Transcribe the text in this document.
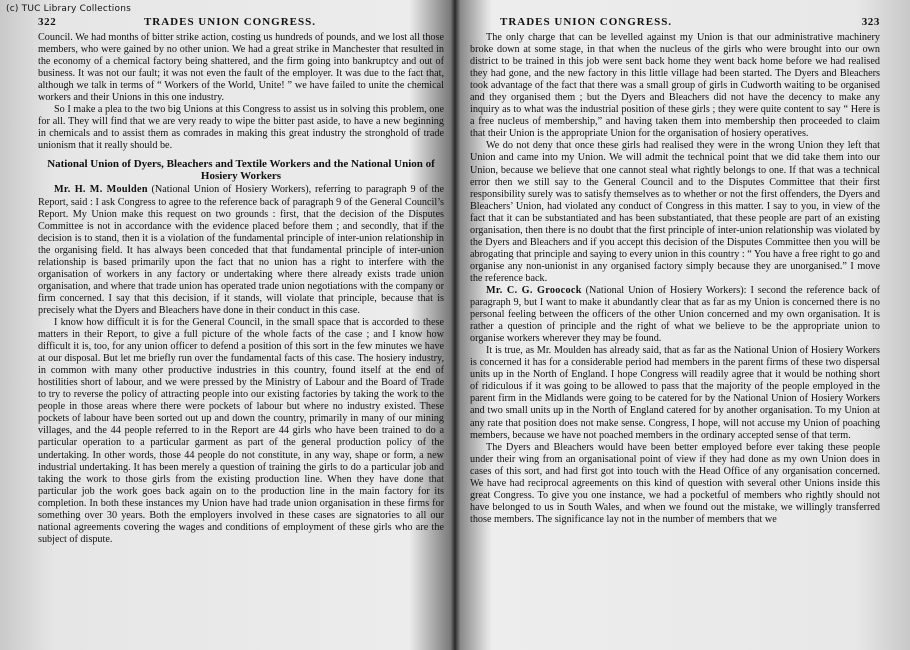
(c) TUC Library Collections
322	TRADES UNION CONGRESS.

Council. We had months of bitter strike action, costing us hundreds of pounds, and we lost all those members, who were gained by no other union. We had a great strike in Manchester that resulted in the economy of a chemical factory being shattered, and the firm going into bankruptcy and out of business. It was not our fault; it was not even the fault of the employer. It was due to the fact that, although we talk in terms of “ Workers of the World, Unite! ” we have failed to unite the chemical workers and their Unions in this one industry.

So I make a plea to the two big Unions at this Congress to assist us in solving this problem, one for all. They will find that we are very ready to wipe the bitter past aside, to have a new beginning in chemicals and to assist them as comrades in making this great industry the stronghold of trade unionism that it really should be.

National Union of Dyers, Bleachers and Textile Workers and the National Union of Hosiery Workers

Mr. H. M. Moulden (National Union of Hosiery Workers), referring to paragraph 9 of the Report, said : I ask Congress to agree to the reference back of paragraph 9 of the General Council’s Report. My Union make this request on two grounds : first, that the decision of the Disputes Committee is not in accordance with the evidence placed before them ; and secondly, that if the decision is to stand, then it is a violation of the fundamental principle of inter-union relationship in the organising field. It has always been conceded that that fundamental principle of inter-union relationship is based primarily upon the fact that no union has a right to interfere with the organisation of workers in any factory or undertaking where there already exists trade union organisation, and where that trade union has operated trade union negotiations with the company or firm concerned. I say that this decision, if it stands, will violate that principle, because that is precisely what the Dyers and Bleachers have done in their conduct in this case.

I know how difficult it is for the General Council, in the small space that is accorded to these matters in their Report, to give a full picture of the whole facts of the case ; and I know how difficult it is, too, for any union officer to defend a position of this sort in the few minutes we have at our disposal. But let me briefly run over the fundamental facts of this case. The hosiery industry, in common with many other productive industries in this country, found itself at the end of hostilities short of labour, and we were pressed by the Ministry of Labour and the Board of Trade to try to reverse the policy of attracting people into our existing factories by taking the work to the people in those areas where there were pockets of labour but where no industry existed. These pockets of labour have been sorted out up and down the country, primarily in many of our mining villages, and the 44 people referred to in the Report are 44 girls who have been trained to do a particular operation to a particular garment as part of the general production policy of the undertaking. In other words, those 44 people do not constitute, in any way, shape or form, a new industrial undertaking. It has been merely a question of training the girls to do a particular job and taking the work to those girls from the existing production line. When they have done that particular job the work goes back again on to the production line in the main factory for its completion. In both these instances my Union have had trade union organisation in these firms for something over 30 years. Both the employers involved in these cases are signatories to all our national agreements covering the wages and conditions of employment of these girls who are the subject of dispute.

TRADES UNION CONGRESS.	323

The only charge that can be levelled against my Union is that our administrative machinery broke down at some stage, in that when the nucleus of the girls who were brought into our own district to be trained in this job were sent back home they went back home before we had realised they had gone, and the new factory in this little village had been started. The Dyers and Bleachers took advantage of the fact that there was a small group of girls in Cudworth waiting to be organised and they organised them ; but the Dyers and Bleachers did not have the decency to make any inquiry as to what was the industrial position of these girls ; they were quite content to say “ Here is a free nucleus of membership,” and having taken them into membership then proceeded to claim that their Union is the appropriate Union for the organisation of hosiery operatives.

We do not deny that once these girls had realised they were in the wrong Union they left that Union and came into my Union. We will admit the technical point that we did take them into our Union, because we believe that one cannot steal what rightly belongs to one. If that was a technical error then we still say to the General Council and to the Disputes Committee that their first responsibility surely was to satisfy themselves as to whether or not the first offenders, the Dyers and Bleachers’ Union, had violated any conduct of Congress in this matter. I say to you, in view of the fact that it can be substantiated and has been substantiated, that these people are part of an existing organisation, then there is no doubt that the first principle of inter-union relationship was violated by the Dyers and Bleachers and if you accept this decision of the Disputes Committee then you will be abrogating that principle and saying to every union in this country : “ You have a free right to go and organise any non-unionist in any organised factory simply because they are unorganised.” I move the reference back.

Mr. C. G. Groocock (National Union of Hosiery Workers): I second the reference back of paragraph 9, but I want to make it abundantly clear that as far as my Union is concerned there is no personal feeling between the officers of the other Union concerned and my own organisation. It is rather a question of principle and the right of what we believe to be the appropriate union to organise workers wherever they may be found.

It is true, as Mr. Moulden has already said, that as far as the National Union of Hosiery Workers is concerned it has for a considerable period had members in the parent firms of these two dispersal units up in the North of England. I hope Congress will readily agree that it would be nothing short of ridiculous if it was going to be allowed to pass that the majority of the people employed in the parent firm in the Midlands were going to be catered for by the National Union of Hosiery Workers and two small units up in the North of England catered for by another organisation. To my Union at any rate that position does not make sense. Congress, I hope, will not accuse my Union of poaching members, because we have not poached members in the ordinary accepted sense of that term.

The Dyers and Bleachers would have been better employed before ever taking these people under their wing from an organisational point of view if they had done as my own Union does in cases of this sort, and had first got into touch with the Head Office of any organisation concerned. We have had reciprocal agreements on this kind of question with several other Unions inside this great Congress. To give you one instance, we had a pocketful of members who rightly should not have belonged to us in South Wales, and when we found out the mistake, we willingly transferred those members. The significance lay not in the number of members that we
